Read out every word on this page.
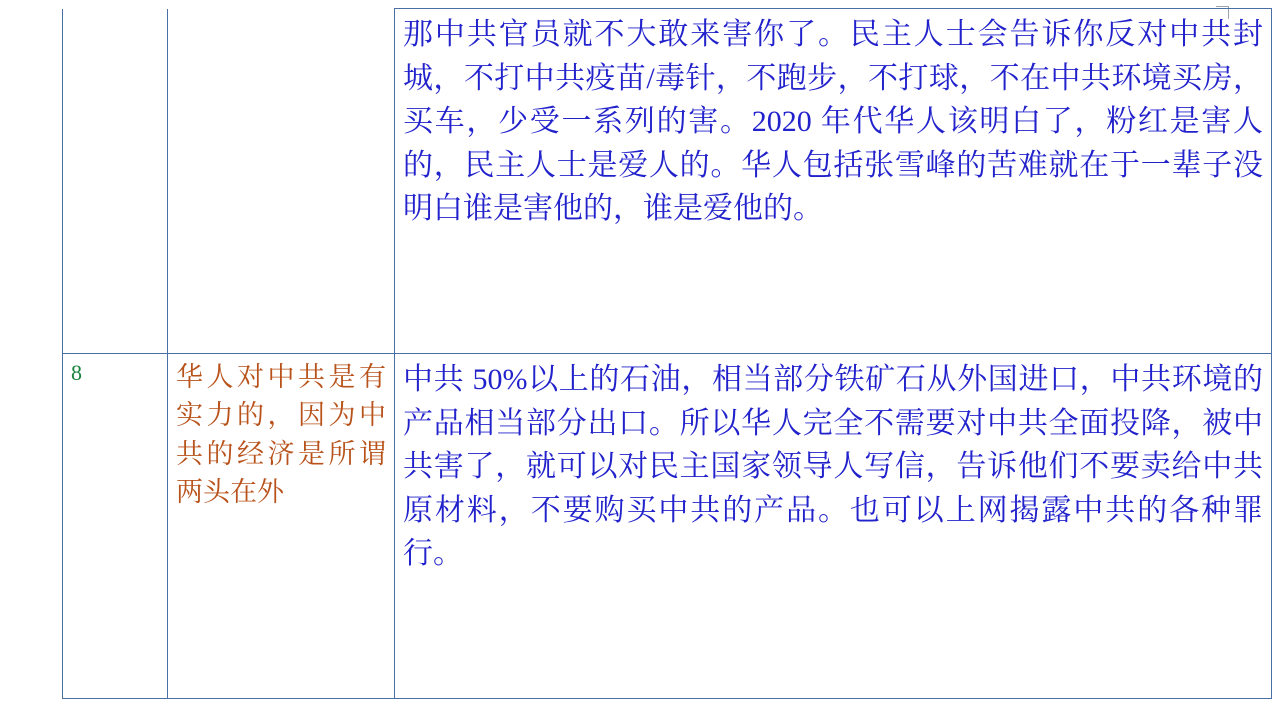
		那中共官员就不大敢来害你了。民主人士会告诉你反对中共封城，不打中共疫苗/毒针，不跑步，不打球，不在中共环境买房，买车，少受一系列的害。2020 年代华人该明白了，粉红是害人的，民主人士是爱人的。华人包括张雪峰的苦难就在于一辈子没明白谁是害他的，谁是爱他的。
8	华人对中共是有实力的，因为中共的经济是所谓两头在外	中共 50%以上的石油，相当部分铁矿石从外国进口，中共环境的产品相当部分出口。所以华人完全不需要对中共全面投降，被中共害了，就可以对民主国家领导人写信，告诉他们不要卖给中共原材料，不要购买中共的产品。也可以上网揭露中共的各种罪行。
